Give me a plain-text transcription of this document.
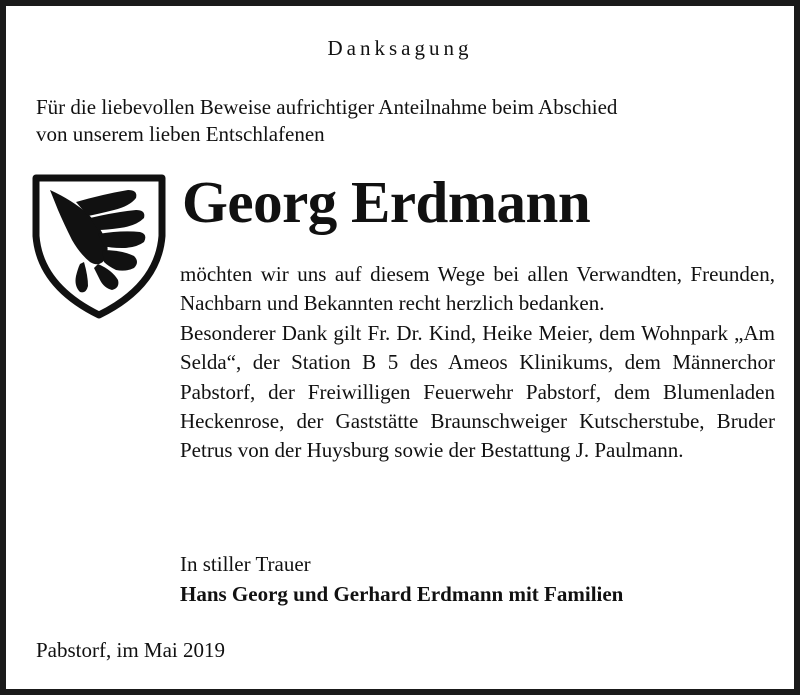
Danksagung
Für die liebevollen Beweise aufrichtiger Anteilnahme beim Abschied
von unserem lieben Entschlafenen
Georg Erdmann

möchten wir uns auf diesem Wege bei allen Verwandten, Freunden, Nachbarn und Bekannten recht herzlich bedanken.

Besonderer Dank gilt Fr. Dr. Kind, Heike Meier, dem Wohnpark „Am Selda“, der Station B 5 des Ameos Klinikums, dem Männerchor Pabstorf, der Freiwilligen Feuerwehr Pabstorf, dem Blumenladen Heckenrose, der Gaststätte Braunschweiger Kutscherstube, Bruder Petrus von der Huysburg sowie der Bestattung J. Paulmann.

In stiller Trauer
Hans Georg und Gerhard Erdmann mit Familien
Pabstorf, im Mai 2019
